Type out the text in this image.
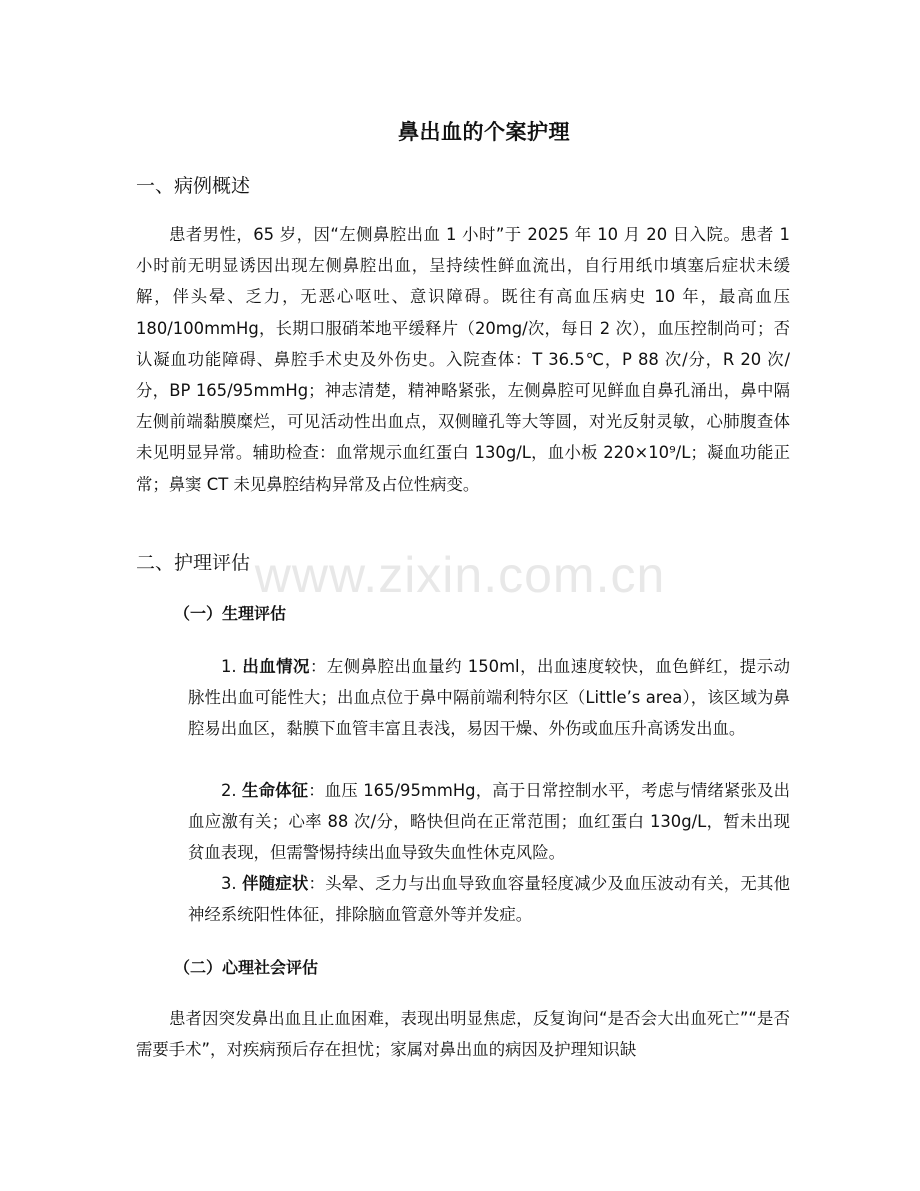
鼻出血的个案护理
一、病例概述

患者男性，65 岁，因“左侧鼻腔出血 1 小时”于 2025 年 10 月 20 日入院。患者 1 小时前无明显诱因出现左侧鼻腔出血，呈持续性鲜血流出，自行用纸巾填塞后症状未缓解，伴头晕、乏力，无恶心呕吐、意识障碍。既往有高血压病史 10 年，最高血压 180/100mmHg，长期口服硝苯地平缓释片（20mg/次，每日 2 次），血压控制尚可；否认凝血功能障碍、鼻腔手术史及外伤史。入院查体：T 36.5℃，P 88 次/分，R 20 次/分，BP 165/95mmHg；神志清楚，精神略紧张，左侧鼻腔可见鲜血自鼻孔涌出，鼻中隔左侧前端黏膜糜烂，可见活动性出血点，双侧瞳孔等大等圆，对光反射灵敏，心肺腹查体未见明显异常。辅助检查：血常规示血红蛋白 130g/L，血小板 220×10⁹/L；凝血功能正常；鼻窦 CT 未见鼻腔结构异常及占位性病变。

二、护理评估
（一）生理评估

1. 出血情况：左侧鼻腔出血量约 150ml，出血速度较快，血色鲜红，提示动脉性出血可能性大；出血点位于鼻中隔前端利特尔区（Little’s area），该区域为鼻腔易出血区，黏膜下血管丰富且表浅，易因干燥、外伤或血压升高诱发出血。

2. 生命体征：血压 165/95mmHg，高于日常控制水平，考虑与情绪紧张及出血应激有关；心率 88 次/分，略快但尚在正常范围；血红蛋白 130g/L，暂未出现贫血表现，但需警惕持续出血导致失血性休克风险。

3. 伴随症状：头晕、乏力与出血导致血容量轻度减少及血压波动有关，无其他神经系统阳性体征，排除脑血管意外等并发症。

（二）心理社会评估

患者因突发鼻出血且止血困难，表现出明显焦虑，反复询问“是否会大出血死亡”“是否需要手术”，对疾病预后存在担忧；家属对鼻出血的病因及护理知识缺

www.zixin.com.cn
